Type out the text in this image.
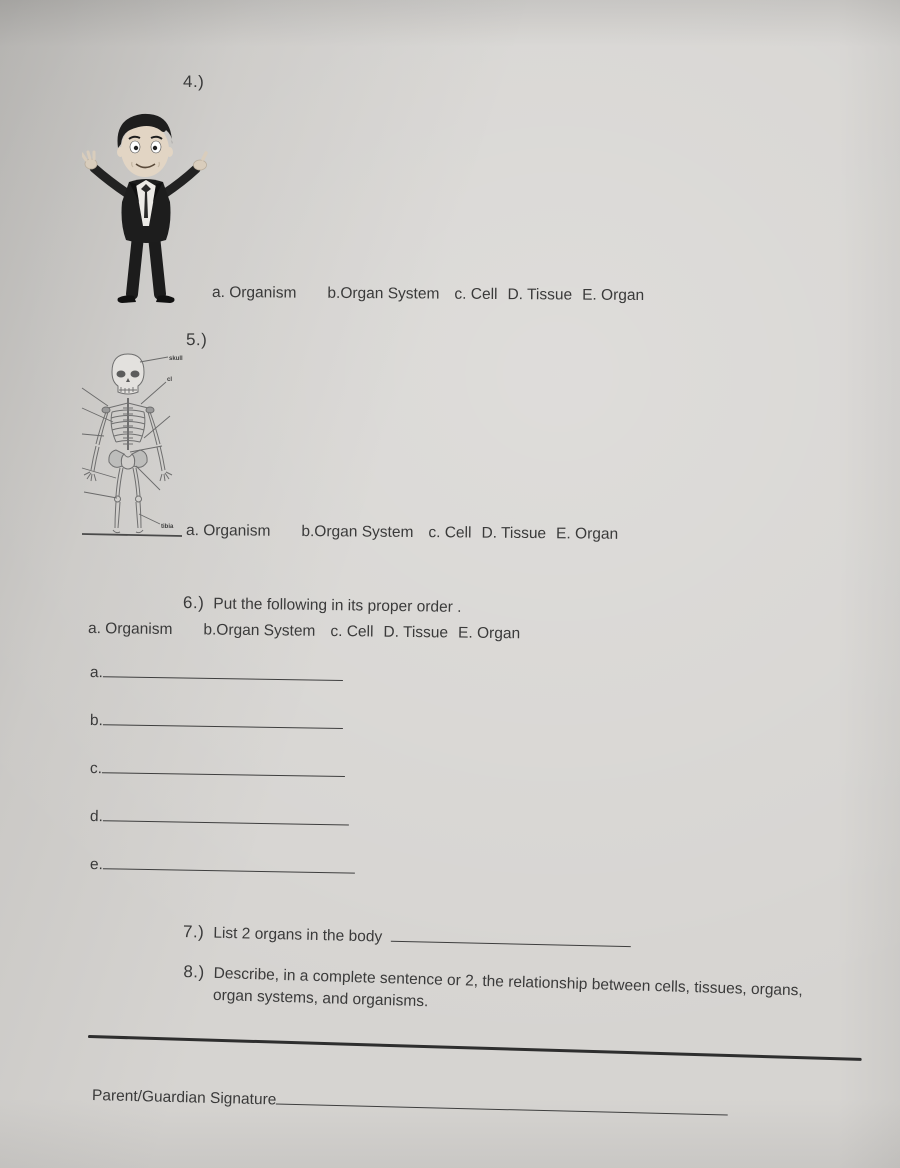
4.)
a. Organism b.Organ System c. Cell D. Tissue E. Organ
5.)
skull
cl
tibia a. Organism b.Organ System c. Cell D. Tissue E. Organ
6.) Put the following in its proper order .
a. Organism b.Organ System c. Cell D. Tissue E. Organ
a.
b.
c.
d.
e.
7.) List 2 organs in the body
8.) Describe, in a complete sentence or 2, the relationship between cells, tissues, organs, organ systems, and organisms.
Parent/Guardian Signature
